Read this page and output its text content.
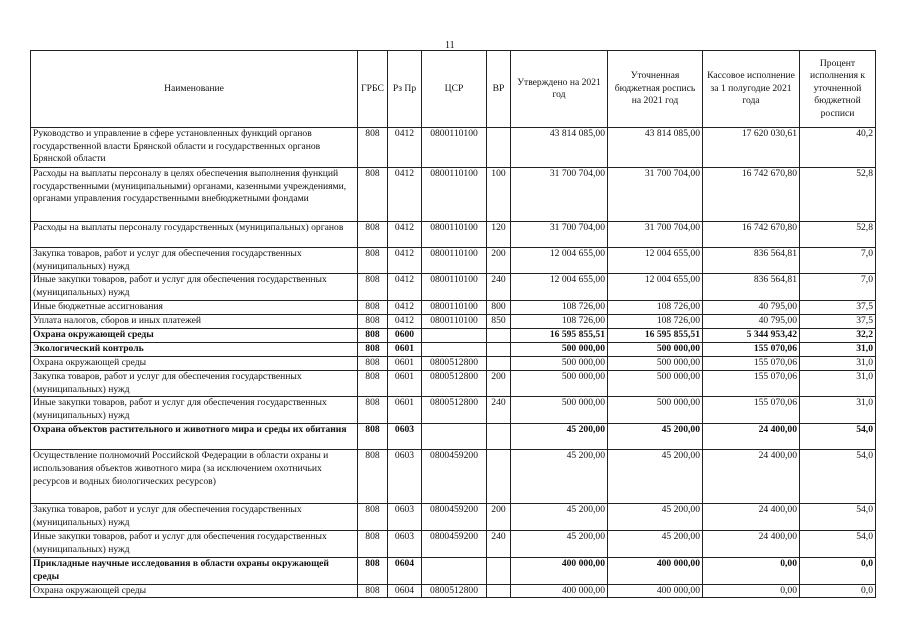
11
Наименование	ГРБС	Рз Пр	ЦСР	ВР	Утверждено на 2021 год	Уточненная бюджетная роспись на 2021 год	Кассовое исполнение за 1 полугодие 2021 года	Процент исполнения к уточненной бюджетной росписи
Руководство и управление в сфере установленных функций органов государственной власти Брянской области и государственных органов Брянской области	808	0412	0800110100		43 814 085,00	43 814 085,00	17 620 030,61	40,2
Расходы на выплаты персоналу в целях обеспечения выполнения функций государственными (муниципальными) органами, казенными учреждениями, органами управления государственными внебюджетными фондами	808	0412	0800110100	100	31 700 704,00	31 700 704,00	16 742 670,80	52,8
Расходы на выплаты персоналу государственных (муниципальных) органов	808	0412	0800110100	120	31 700 704,00	31 700 704,00	16 742 670,80	52,8
Закупка товаров, работ и услуг для обеспечения государственных (муниципальных) нужд	808	0412	0800110100	200	12 004 655,00	12 004 655,00	836 564,81	7,0
Иные закупки товаров, работ и услуг для обеспечения государственных (муниципальных) нужд	808	0412	0800110100	240	12 004 655,00	12 004 655,00	836 564,81	7,0
Иные бюджетные ассигнования	808	0412	0800110100	800	108 726,00	108 726,00	40 795,00	37,5
Уплата налогов, сборов и иных платежей	808	0412	0800110100	850	108 726,00	108 726,00	40 795,00	37,5
Охрана окружающей среды	808	0600			16 595 855,51	16 595 855,51	5 344 953,42	32,2
Экологический контроль	808	0601			500 000,00	500 000,00	155 070,06	31,0
Охрана окружающей среды	808	0601	0800512800		500 000,00	500 000,00	155 070,06	31,0
Закупка товаров, работ и услуг для обеспечения государственных (муниципальных) нужд	808	0601	0800512800	200	500 000,00	500 000,00	155 070,06	31,0
Иные закупки товаров, работ и услуг для обеспечения государственных (муниципальных) нужд	808	0601	0800512800	240	500 000,00	500 000,00	155 070,06	31,0
Охрана объектов растительного и животного мира и среды их обитания	808	0603			45 200,00	45 200,00	24 400,00	54,0
Осуществление полномочий Российской Федерации в области охраны и использования объектов животного мира (за исключением охотничьих ресурсов и водных биологических ресурсов)	808	0603	0800459200		45 200,00	45 200,00	24 400,00	54,0
Закупка товаров, работ и услуг для обеспечения государственных (муниципальных) нужд	808	0603	0800459200	200	45 200,00	45 200,00	24 400,00	54,0
Иные закупки товаров, работ и услуг для обеспечения государственных (муниципальных) нужд	808	0603	0800459200	240	45 200,00	45 200,00	24 400,00	54,0
Прикладные научные исследования в области охраны окружающей среды	808	0604			400 000,00	400 000,00	0,00	0,0
Охрана окружающей среды	808	0604	0800512800		400 000,00	400 000,00	0,00	0,0
